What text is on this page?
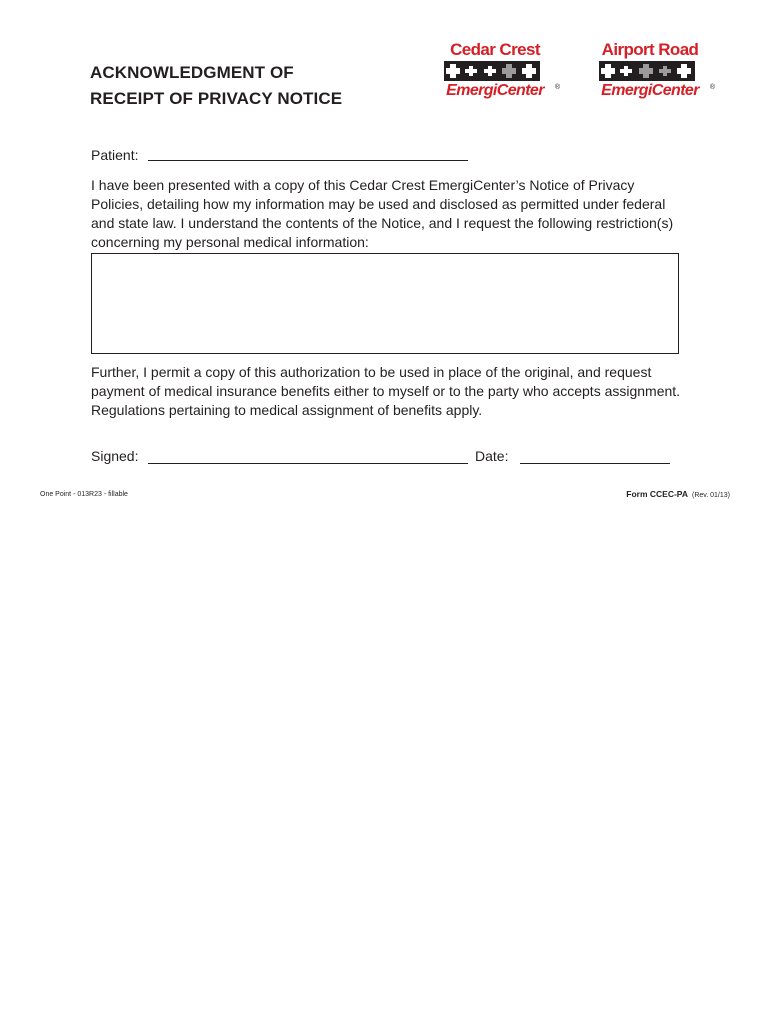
ACKNOWLEDGMENT OF
RECEIPT OF PRIVACY NOTICE
Cedar Crest
EmergiCenter	®
Airport Road
EmergiCenter	®
Patient:
I have been presented with a copy of this Cedar Crest EmergiCenter’s Notice of Privacy
Policies, detailing how my information may be used and disclosed as permitted under federal
and state law. I understand the contents of the Notice, and I request the following restriction(s)
concerning my personal medical information:
Further, I permit a copy of this authorization to be used in place of the original, and request
payment of medical insurance benefits either to myself or to the party who accepts assignment.
Regulations pertaining to medical assignment of benefits apply.
Signed:	Date:
One Point - 013R23 - fillable	Form CCEC-PA (Rev. 01/13)
